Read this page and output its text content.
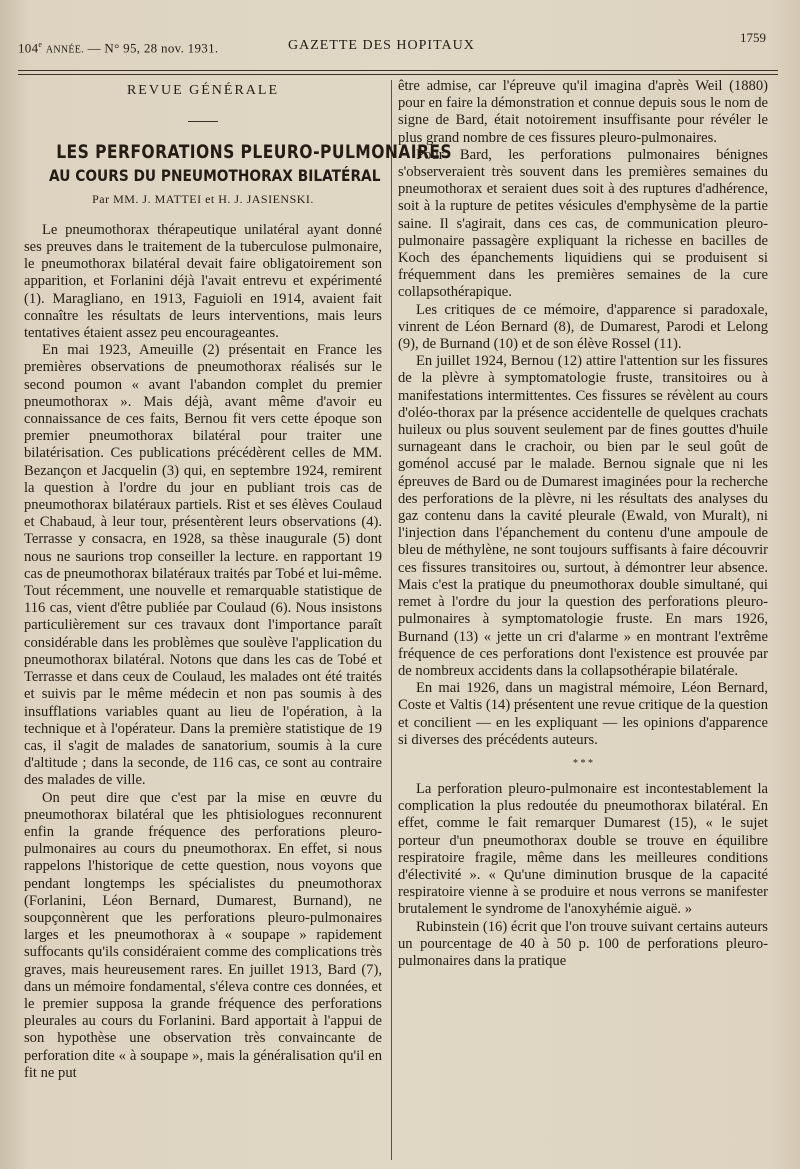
104e ANNÉE. — N° 95, 28 nov. 1931.	GAZETTE DES HOPITAUX
1759
REVUE GÉNÉRALE
LES PERFORATIONS PLEURO-PULMONAIRES
AU COURS DU PNEUMOTHORAX BILATÉRAL
Par MM. J. MATTEI et H. J. JASIENSKI.

Le pneumothorax thérapeutique unilatéral ayant donné ses preuves dans le traitement de la tuberculose pulmonaire, le pneumothorax bilatéral devait faire obligatoirement son apparition, et Forlanini déjà l'avait entrevu et expérimenté (1). Maragliano, en 1913, Faguioli en 1914, avaient fait connaître les résultats de leurs interventions, mais leurs tentatives étaient assez peu encourageantes.

En mai 1923, Ameuille (2) présentait en France les premières observations de pneumothorax réalisés sur le second poumon « avant l'abandon complet du premier pneumothorax ». Mais déjà, avant même d'avoir eu connaissance de ces faits, Bernou fit vers cette époque son premier pneumothorax bilatéral pour traiter une bilatérisation. Ces publications précédèrent celles de MM. Bezançon et Jacquelin (3) qui, en septembre 1924, remirent la question à l'ordre du jour en publiant trois cas de pneumothorax bilatéraux partiels. Rist et ses élèves Coulaud et Chabaud, à leur tour, présentèrent leurs observations (4). Terrasse y consacra, en 1928, sa thèse inaugurale (5) dont nous ne saurions trop conseiller la lecture. en rapportant 19 cas de pneumothorax bilatéraux traités par Tobé et lui-même. Tout récemment, une nouvelle et remarquable statistique de 116 cas, vient d'être publiée par Coulaud (6). Nous insistons particulièrement sur ces travaux dont l'importance paraît considérable dans les problèmes que soulève l'application du pneumothorax bilatéral. Notons que dans les cas de Tobé et Terrasse et dans ceux de Coulaud, les malades ont été traités et suivis par le même médecin et non pas soumis à des insufflations variables quant au lieu de l'opération, à la technique et à l'opérateur. Dans la première statistique de 19 cas, il s'agit de malades de sanatorium, soumis à la cure d'altitude ; dans la seconde, de 116 cas, ce sont au contraire des malades de ville.

On peut dire que c'est par la mise en œuvre du pneumothorax bilatéral que les phtisiologues reconnurent enfin la grande fréquence des perforations pleuro-pulmonaires au cours du pneumothorax. En effet, si nous rappelons l'historique de cette question, nous voyons que pendant longtemps les spécialistes du pneumothorax (Forlanini, Léon Bernard, Dumarest, Burnand), ne soupçonnèrent que les perforations pleuro-pulmonaires larges et les pneumothorax à « soupape » rapidement suffocants qu'ils considéraient comme des complications très graves, mais heureusement rares. En juillet 1913, Bard (7), dans un mémoire fondamental, s'éleva contre ces données, et le premier supposa la grande fréquence des perforations pleurales au cours du Forlanini. Bard apportait à l'appui de son hypothèse une observation très convaincante de perforation dite « à soupape », mais la généralisation qu'il en fit ne put

être admise, car l'épreuve qu'il imagina d'après Weil (1880) pour en faire la démonstration et connue depuis sous le nom de signe de Bard, était notoirement insuffisante pour révéler le plus grand nombre de ces fissures pleuro-pulmonaires.

Pour Bard, les perforations pulmonaires bénignes s'observeraient très souvent dans les premières semaines du pneumothorax et seraient dues soit à des ruptures d'adhérence, soit à la rupture de petites vésicules d'emphysème de la partie saine. Il s'agirait, dans ces cas, de communication pleuro-pulmonaire passagère expliquant la richesse en bacilles de Koch des épanchements liquidiens qui se produisent si fréquemment dans les premières semaines de la cure collapsothérapique.

Les critiques de ce mémoire, d'apparence si paradoxale, vinrent de Léon Bernard (8), de Dumarest, Parodi et Lelong (9), de Burnand (10) et de son élève Rossel (11).

En juillet 1924, Bernou (12) attire l'attention sur les fissures de la plèvre à symptomatologie fruste, transitoires ou à manifestations intermittentes. Ces fissures se révèlent au cours d'oléo-thorax par la présence accidentelle de quelques crachats huileux ou plus souvent seulement par de fines gouttes d'huile surnageant dans le crachoir, ou bien par le seul goût de goménol accusé par le malade. Bernou signale que ni les épreuves de Bard ou de Dumarest imaginées pour la recherche des perforations de la plèvre, ni les résultats des analyses du gaz contenu dans la cavité pleurale (Ewald, von Muralt), ni l'injection dans l'épanchement du contenu d'une ampoule de bleu de méthylène, ne sont toujours suffisants à faire découvrir ces fissures transitoires ou, surtout, à démontrer leur absence. Mais c'est la pratique du pneumothorax double simultané, qui remet à l'ordre du jour la question des perforations pleuro-pulmonaires à symptomatologie fruste. En mars 1926, Burnand (13) « jette un cri d'alarme » en montrant l'extrême fréquence de ces perforations dont l'existence est prouvée par de nombreux accidents dans la collapsothérapie bilatérale.

En mai 1926, dans un magistral mémoire, Léon Bernard, Coste et Valtis (14) présentent une revue critique de la question et concilient — en les expliquant — les opinions d'apparence si diverses des précédents auteurs.

* * *

La perforation pleuro-pulmonaire est incontestablement la complication la plus redoutée du pneumothorax bilatéral. En effet, comme le fait remarquer Dumarest (15), « le sujet porteur d'un pneumothorax double se trouve en équilibre respiratoire fragile, même dans les meilleures conditions d'électivité ». « Qu'une diminution brusque de la capacité respiratoire vienne à se produire et nous verrons se manifester brutalement le syndrome de l'anoxyhémie aiguë. »

Rubinstein (16) écrit que l'on trouve suivant certains auteurs un pourcentage de 40 à 50 p. 100 de perforations pleuro-pulmonaires dans la pratique
